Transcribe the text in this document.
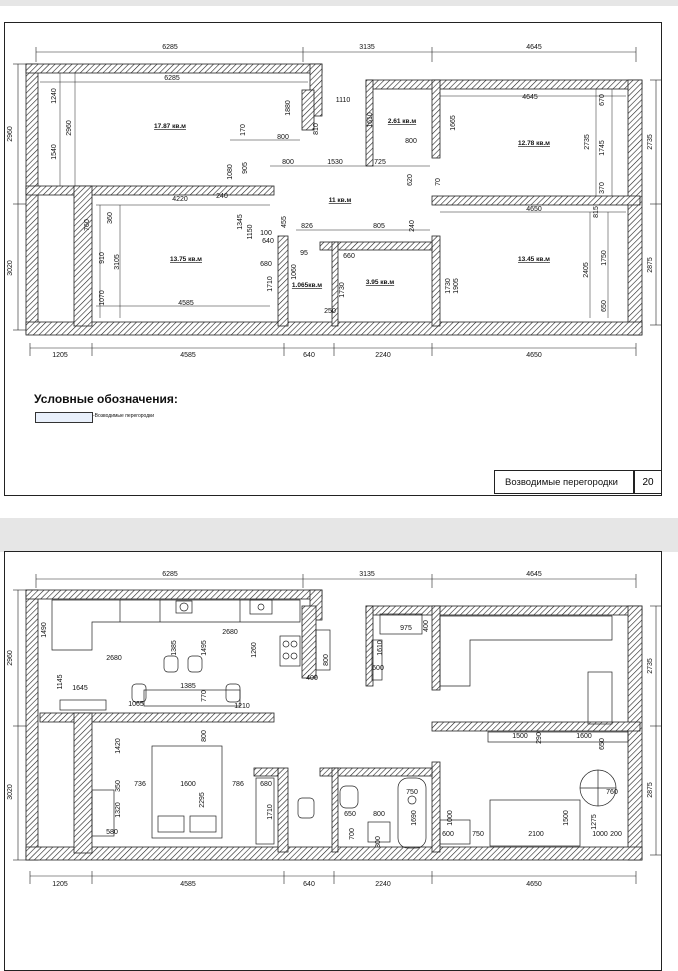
6285	3135	4645
1205	4585	640	2240	4650
2960
3020
2735
2875
6285
1240
2960
1540
1880
810
1110
1610	1665
4645	670
2735 1745
370
170
800
905
1080
800	1530	725
800
620	70
4220	240
1345
1150 100
640
455 826	805	240
4650	815
760
360
910 3105
1070	4585
680
1710
95	660
1730	1730 1905
2405
1750
650
250
1060
17.87 кв.м
2.61 кв.м
12.78 кв.м
11 кв.м
13.75 кв.м	13.45 кв.м
1.065кв.м	3.95 кв.м
6285	3135	4645
1205	4585	640	2240	4650
2960
3020
2735
2875
1490	2680
1385	1495	1260
800
400
2680
1145 1645	1385
770
1065	1210
975 400
1610
600
1500 290	1600
650
800
1420
350 736	1600	786 680
2295
1320
580
1710
750
1690	1000
650 800
700
300
1500
600	750	2100
1275
1000 200
760
Условные обозначения:
-Возводимые перегородки
Возводимые перегородки	20
